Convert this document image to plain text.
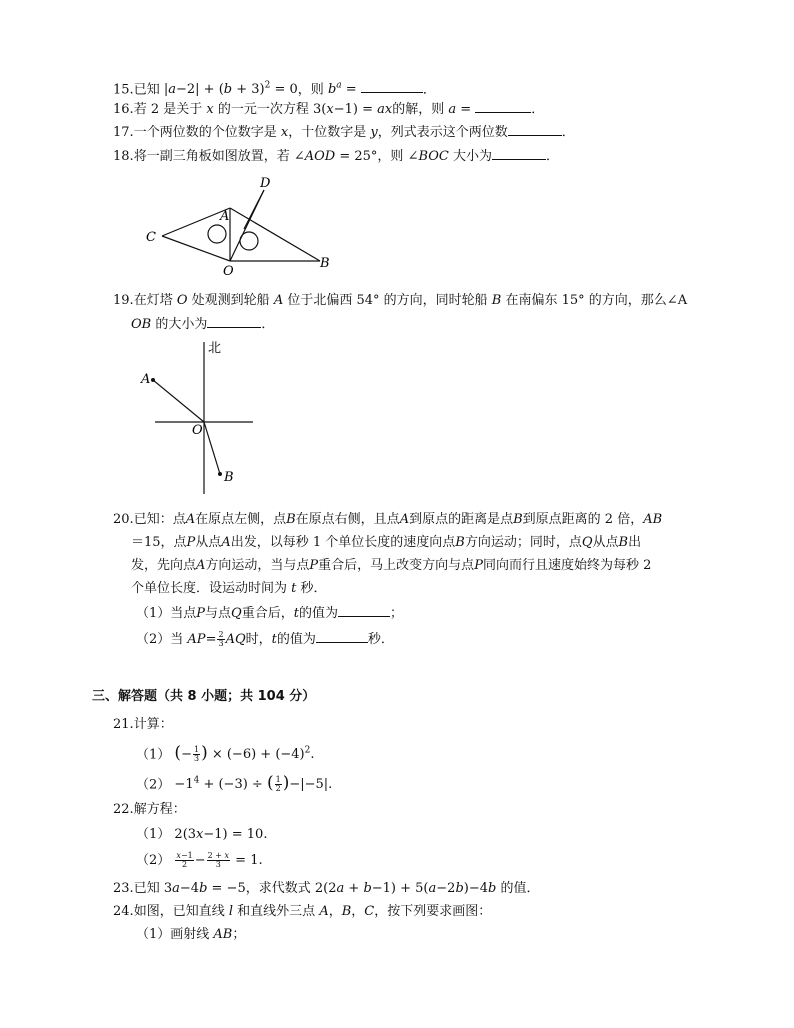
15.已知 $|a-2| + (b + 3)^2 = 0$，则 $b^a$ =	．
16.若 2 是关于 x 的一元一次方程 3(x−1) = ax的解，则 a =	．
17.一个两位数的个位数字是 x，十位数字是 y，列式表示这个两位数	．
18.将一副三角板如图放置，若 ∠AOD = 25°，则 ∠BOC 大小为	．
C
A
D
O
B
19.在灯塔 O 处观测到轮船 A 位于北偏西 54° 的方向，同时轮船 B 在南偏东 15° 的方向，那么∠A
OB 的大小为	．
北
A
O
B
20.已知：点A在原点左侧，点B在原点右侧，且点A到原点的距离是点B到原点距离的 2 倍，AB
＝15，点P从点A出发，以每秒 1 个单位长度的速度向点B方向运动；同时，点Q从点B出
发，先向点A方向运动，当与点P重合后，马上改变方向与点P同向而行且速度始终为每秒 2
个单位长度．设运动时间为 t 秒．
（1）当点P与点Q重合后，t的值为	；
（2）当 $AP= \frac{2}{3}$ AQ时，t的值为	秒．
三、解答题（共 8 小题；共 104 分）
21.计算：
（1） (− $\frac{1}{3}$ ) × $(-6) + (-4)^2$.
$(2) -1^4 + (-3)$ ÷ ( $\frac{1}{2} )-|-5|$.
22.解方程：
（1） 2(3x−1) = 10.
$(2) \frac{x-1}{2} - \frac{2 + x}{3} = 1$.
23.已知 3a−4b = −5，求代数式 2(2a + b−1) + 5(a−2b)−4b 的值．
24.如图，已知直线 l 和直线外三点 A，B，C，按下列要求画图：
（1）画射线 AB；
